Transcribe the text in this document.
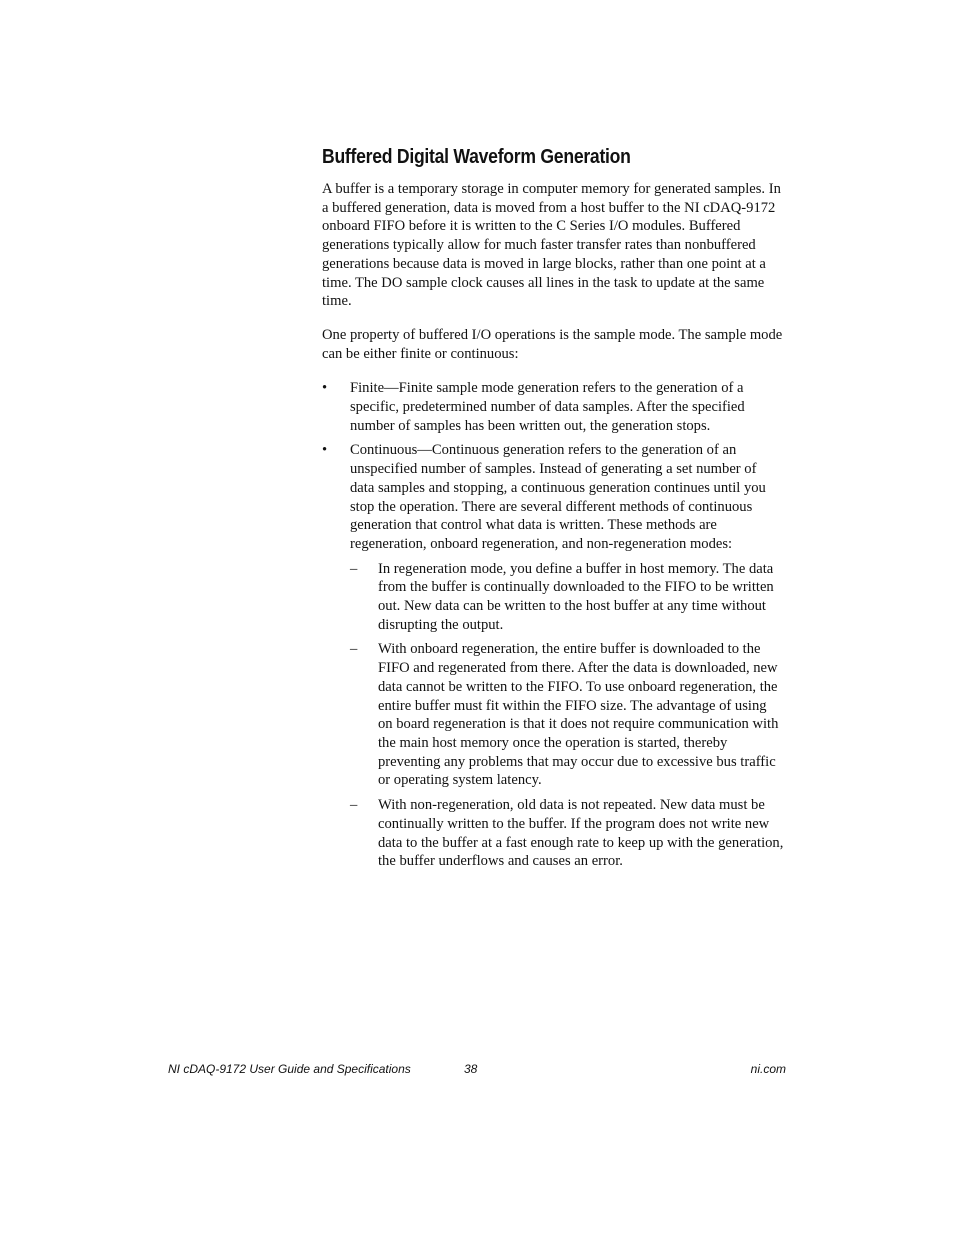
Buffered Digital Waveform Generation

A buffer is a temporary storage in computer memory for generated samples. In a buffered generation, data is moved from a host buffer to the NI cDAQ-9172 onboard FIFO before it is written to the C Series I/O modules. Buffered generations typically allow for much faster transfer rates than nonbuffered generations because data is moved in large blocks, rather than one point at a time. The DO sample clock causes all lines in the task to update at the same time.

One property of buffered I/O operations is the sample mode. The sample mode can be either finite or continuous:

• Finite—Finite sample mode generation refers to the generation of a specific, predetermined number of data samples. After the specified number of samples has been written out, the generation stops.
• Continuous—Continuous generation refers to the generation of an unspecified number of samples. Instead of generating a set number of data samples and stopping, a continuous generation continues until you stop the operation. There are several different methods of continuous generation that control what data is written. These methods are regeneration, onboard regeneration, and non-regeneration modes:
– In regeneration mode, you define a buffer in host memory. The data from the buffer is continually downloaded to the FIFO to be written out. New data can be written to the host buffer at any time without disrupting the output.
– With onboard regeneration, the entire buffer is downloaded to the FIFO and regenerated from there. After the data is downloaded, new data cannot be written to the FIFO. To use onboard regeneration, the entire buffer must fit within the FIFO size. The advantage of using on board regeneration is that it does not require communication with the main host memory once the operation is started, thereby preventing any problems that may occur due to excessive bus traffic or operating system latency.
– With non-regeneration, old data is not repeated. New data must be continually written to the buffer. If the program does not write new data to the buffer at a fast enough rate to keep up with the generation, the buffer underflows and causes an error.
NI cDAQ-9172 User Guide and Specifications	38	ni.com
